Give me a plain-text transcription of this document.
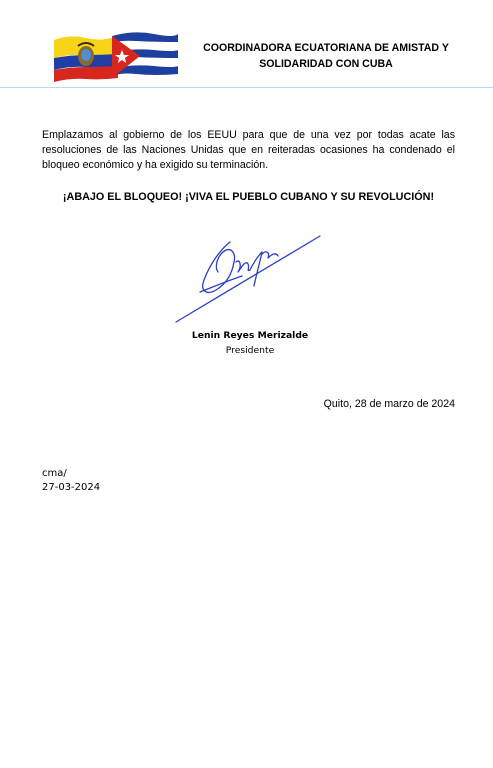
COORDINADORA ECUATORIANA DE AMISTAD Y
SOLIDARIDAD CON CUBA

Emplazamos al gobierno de los EEUU para que de una vez por todas acate las resoluciones de las Naciones Unidas que en reiteradas ocasiones ha condenado el bloqueo económico y ha exigido su terminación.

¡ABAJO EL BLOQUEO! ¡VIVA EL PUEBLO CUBANO Y SU REVOLUCIÓN!

Lenin Reyes Merizalde
Presidente
Quito, 28 de marzo de 2024
cma/
27-03-2024
